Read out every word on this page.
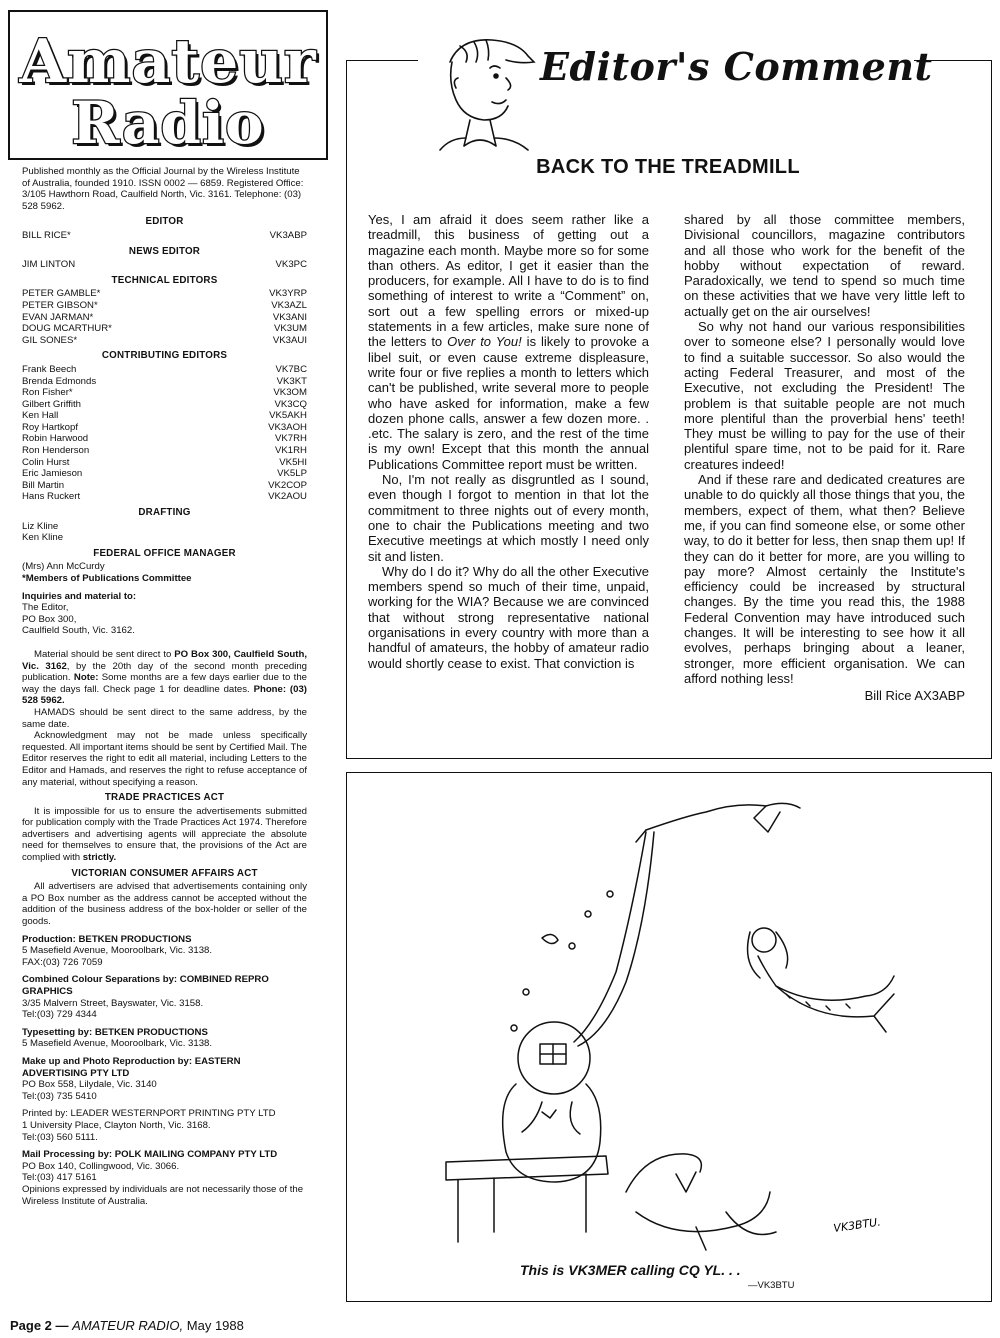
Amateur
Radio

Published monthly as the Official Journal by the Wireless Institute of Australia, founded 1910. ISSN 0002 — 6859. Registered Office: 3/105 Hawthorn Road, Caulfield North, Vic. 3161. Telephone: (03) 528 5962.

EDITOR
BILL RICE*	VK3ABP
NEWS EDITOR
JIM LINTON	VK3PC
TECHNICAL EDITORS
PETER GAMBLE*	VK3YRP
PETER GIBSON*	VK3AZL
EVAN JARMAN*	VK3ANI
DOUG MCARTHUR*	VK3UM
GIL SONES*	VK3AUI
CONTRIBUTING EDITORS
Frank Beech	VK7BC
Brenda Edmonds	VK3KT
Ron Fisher*	VK3OM
Gilbert Griffith	VK3CQ
Ken Hall	VK5AKH
Roy Hartkopf	VK3AOH
Robin Harwood	VK7RH
Ron Henderson	VK1RH
Colin Hurst	VK5HI
Eric Jamieson	VK5LP
Bill Martin	VK2COP
Hans Ruckert	VK2AOU
DRAFTING

Liz Kline

Ken Kline

FEDERAL OFFICE MANAGER

(Mrs) Ann McCurdy

*Members of Publications Committee

Inquiries and material to:

The Editor,

PO Box 300,

Caulfield South, Vic. 3162.

Material should be sent direct to PO Box 300, Caulfield South, Vic. 3162, by the 20th day of the second month preceding publication. Note: Some months are a few days earlier due to the way the days fall. Check page 1 for deadline dates. Phone: (03) 528 5962.

HAMADS should be sent direct to the same address, by the same date.

Acknowledgment may not be made unless specifically requested. All important items should be sent by Certified Mail. The Editor reserves the right to edit all material, including Letters to the Editor and Hamads, and reserves the right to refuse acceptance of any material, without specifying a reason.

TRADE PRACTICES ACT

It is impossible for us to ensure the advertisements submitted for publication comply with the Trade Practices Act 1974. Therefore advertisers and advertising agents will appreciate the absolute need for themselves to ensure that, the provisions of the Act are complied with strictly.

VICTORIAN CONSUMER AFFAIRS ACT

All advertisers are advised that advertisements containing only a PO Box number as the address cannot be accepted without the addition of the business address of the box-holder or seller of the goods.

Production: BETKEN PRODUCTIONS

5 Masefield Avenue, Mooroolbark, Vic. 3138.

FAX:(03) 726 7059

Combined Colour Separations by: COMBINED REPRO GRAPHICS

3/35 Malvern Street, Bayswater, Vic. 3158.

Tel:(03) 729 4344

Typesetting by: BETKEN PRODUCTIONS

5 Masefield Avenue, Mooroolbark, Vic. 3138.

Make up and Photo Reproduction by: EASTERN ADVERTISING PTY LTD

PO Box 558, Lilydale, Vic. 3140

Tel:(03) 735 5410

Printed by: LEADER WESTERNPORT PRINTING PTY LTD

1 University Place, Clayton North, Vic. 3168.

Tel:(03) 560 5111.

Mail Processing by: POLK MAILING COMPANY PTY LTD

PO Box 140, Collingwood, Vic. 3066.

Tel:(03) 417 5161

Opinions expressed by individuals are not necessarily those of the Wireless Institute of Australia.

Editor's Comment
BACK TO THE TREADMILL

Yes, I am afraid it does seem rather like a treadmill, this business of getting out a magazine each month. Maybe more so for some than others. As editor, I get it easier than the producers, for example. All I have to do is to find something of interest to write a “Comment” on, sort out a few spelling errors or mixed-up statements in a few articles, make sure none of the letters to Over to You! is likely to provoke a libel suit, or even cause extreme displeasure, write four or five replies a month to letters which can't be published, write several more to people who have asked for information, make a few dozen phone calls, answer a few dozen more. . .etc. The salary is zero, and the rest of the time is my own! Except that this month the annual Publications Committee report must be written.

No, I'm not really as disgruntled as I sound, even though I forgot to mention in that lot the commitment to three nights out of every month, one to chair the Publications meeting and two Executive meetings at which mostly I need only sit and listen.

Why do I do it? Why do all the other Executive members spend so much of their time, unpaid, working for the WIA? Because we are convinced that without strong representative national organisations in every country with more than a handful of amateurs, the hobby of amateur radio would shortly cease to exist. That conviction is

shared by all those committee members, Divisional councillors, magazine contributors and all those who work for the benefit of the hobby without expectation of reward. Paradoxically, we tend to spend so much time on these activities that we have very little left to actually get on the air ourselves!

So why not hand our various responsibilities over to someone else? I personally would love to find a suitable successor. So also would the acting Federal Treasurer, and most of the Executive, not excluding the President! The problem is that suitable people are not much more plentiful than the proverbial hens' teeth! They must be willing to pay for the use of their plentiful spare time, not to be paid for it. Rare creatures indeed!

And if these rare and dedicated creatures are unable to do quickly all those things that you, the members, expect of them, what then? Believe me, if you can find someone else, or some other way, to do it better for less, then snap them up! If they can do it better for more, are you willing to pay more? Almost certainly the Institute's efficiency could be increased by structural changes. By the time you read this, the 1988 Federal Convention may have introduced such changes. It will be interesting to see how it all evolves, perhaps bringing about a leaner, stronger, more efficient organisation. We can afford nothing less!

Bill Rice AX3ABP

VK3BTU.
This is VK3MER calling CQ YL. . .
—VK3BTU
Page 2 — AMATEUR RADIO, May 1988
